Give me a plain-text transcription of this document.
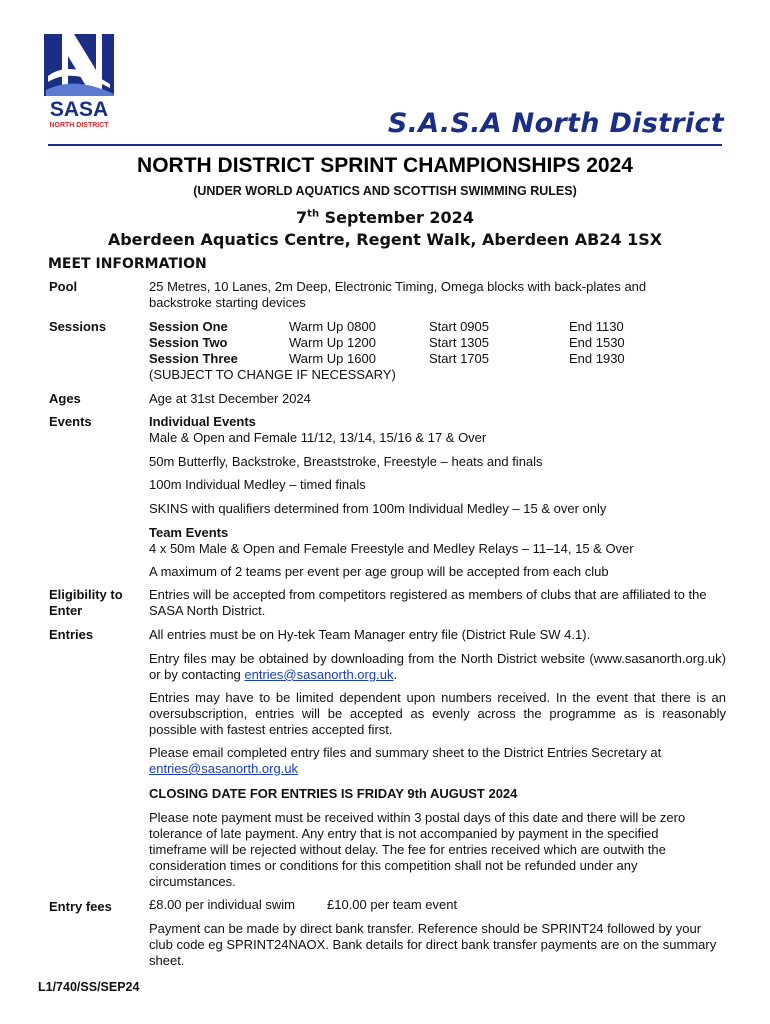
SASA
NORTH DISTRICT	S.A.S.A North District
NORTH DISTRICT SPRINT CHAMPIONSHIPS 2024
(UNDER WORLD AQUATICS AND SCOTTISH SWIMMING RULES)
7th September 2024
Aberdeen Aquatics Centre, Regent Walk, Aberdeen AB24 1SX
MEET INFORMATION
Pool	25 Metres, 10 Lanes, 2m Deep, Electronic Timing, Omega blocks with back-plates and backstroke starting devices
Sessions	Session One	Warm Up 0800	Start 0905	End 1130
Session Two	Warm Up 1200	Start 1305	End 1530
Session Three	Warm Up 1600	Start 1705	End 1930
(SUBJECT TO CHANGE IF NECESSARY)
Ages	Age at 31st December 2024
Events	Individual Events
Male & Open and Female 11/12, 13/14, 15/16 & 17 & Over
50m Butterfly, Backstroke, Breaststroke, Freestyle – heats and finals
100m Individual Medley – timed finals
SKINS with qualifiers determined from 100m Individual Medley – 15 & over only
Team Events
4 x 50m Male & Open and Female Freestyle and Medley Relays – 11–14, 15 & Over
A maximum of 2 teams per event per age group will be accepted from each club
Eligibility to
Enter
Entries will be accepted from competitors registered as members of clubs that are affiliated to the SASA North District.
Entries	All entries must be on Hy-tek Team Manager entry file (District Rule SW 4.1).
Entry files may be obtained by downloading from the North District website (www.sasanorth.org.uk) or by contacting entries@sasanorth.org.uk.
Entries may have to be limited dependent upon numbers received. In the event that there is an oversubscription, entries will be accepted as evenly across the programme as is reasonably possible with fastest entries accepted first.
Please email completed entry files and summary sheet to the District Entries Secretary at
entries@sasanorth.org.uk
CLOSING DATE FOR ENTRIES IS FRIDAY 9th AUGUST 2024
Please note payment must be received within 3 postal days of this date and there will be zero tolerance of late payment. Any entry that is not accompanied by payment in the specified timeframe will be rejected without delay. The fee for entries received which are outwith the consideration times or conditions for this competition shall not be refunded under any circumstances.
Entry fees	£8.00 per individual swim £10.00 per team event
Payment can be made by direct bank transfer. Reference should be SPRINT24 followed by your club code eg SPRINT24NAOX. Bank details for direct bank transfer payments are on the summary sheet.
L1/740/SS/SEP24
